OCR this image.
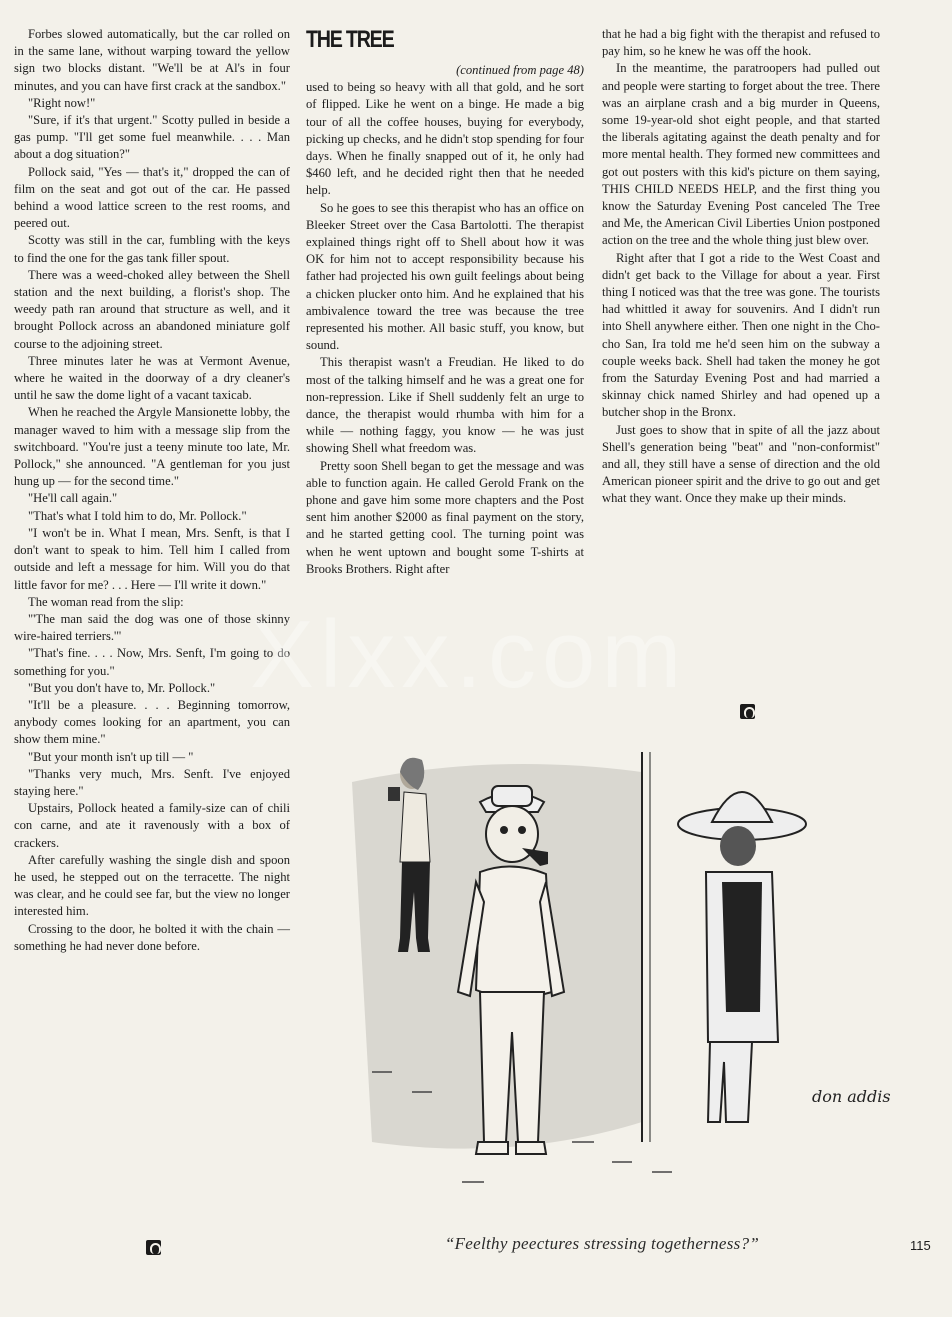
Forbes slowed automatically, but the car rolled on in the same lane, without warping toward the yellow sign two blocks distant. "We'll be at Al's in four minutes, and you can have first crack at the sandbox."

"Right now!"

"Sure, if it's that urgent." Scotty pulled in beside a gas pump. "I'll get some fuel meanwhile. . . . Man about a dog situation?"

Pollock said, "Yes — that's it," dropped the can of film on the seat and got out of the car. He passed behind a wood lattice screen to the rest rooms, and peered out.

Scotty was still in the car, fumbling with the keys to find the one for the gas tank filler spout.

There was a weed-choked alley between the Shell station and the next building, a florist's shop. The weedy path ran around that structure as well, and it brought Pollock across an abandoned miniature golf course to the adjoining street.

Three minutes later he was at Vermont Avenue, where he waited in the doorway of a dry cleaner's until he saw the dome light of a vacant taxicab.

When he reached the Argyle Mansionette lobby, the manager waved to him with a message slip from the switchboard. "You're just a teeny minute too late, Mr. Pollock," she announced. "A gentleman for you just hung up — for the second time."

"He'll call again."

"That's what I told him to do, Mr. Pollock."

"I won't be in. What I mean, Mrs. Senft, is that I don't want to speak to him. Tell him I called from outside and left a message for him. Will you do that little favor for me? . . . Here — I'll write it down."

The woman read from the slip:

"'The man said the dog was one of those skinny wire-haired terriers.'"

"That's fine. . . . Now, Mrs. Senft, I'm going to do something for you."

"But you don't have to, Mr. Pollock."

"It'll be a pleasure. . . . Beginning tomorrow, anybody comes looking for an apartment, you can show them mine."

"But your month isn't up till — "

"Thanks very much, Mrs. Senft. I've enjoyed staying here."

Upstairs, Pollock heated a family-size can of chili con carne, and ate it ravenously with a box of crackers.

After carefully washing the single dish and spoon he used, he stepped out on the terracette. The night was clear, and he could see far, but the view no longer interested him.

Crossing to the door, he bolted it with the chain — something he had never done before.

THE TREE

(continued from page 48)

used to being so heavy with all that gold, and he sort of flipped. Like he went on a binge. He made a big tour of all the coffee houses, buying for everybody, picking up checks, and he didn't stop spending for four days. When he finally snapped out of it, he only had $460 left, and he decided right then that he needed help.

So he goes to see this therapist who has an office on Bleeker Street over the Casa Bartolotti. The therapist explained things right off to Shell about how it was OK for him not to accept responsibility because his father had projected his own guilt feelings about being a chicken plucker onto him. And he explained that his ambivalence toward the tree was because the tree represented his mother. All basic stuff, you know, but sound.

This therapist wasn't a Freudian. He liked to do most of the talking himself and he was a great one for non-repression. Like if Shell suddenly felt an urge to dance, the therapist would rhumba with him for a while — nothing faggy, you know — he was just showing Shell what freedom was.

Pretty soon Shell began to get the message and was able to function again. He called Gerold Frank on the phone and gave him some more chapters and the Post sent him another $2000 as final payment on the story, and he started getting cool. The turning point was when he went uptown and bought some T-shirts at Brooks Brothers. Right after

that he had a big fight with the therapist and refused to pay him, so he knew he was off the hook.

In the meantime, the paratroopers had pulled out and people were starting to forget about the tree. There was an airplane crash and a big murder in Queens, some 19-year-old shot eight people, and that started the liberals agitating against the death penalty and for more mental health. They formed new committees and got out posters with this kid's picture on them saying, THIS CHILD NEEDS HELP, and the first thing you know the Saturday Evening Post canceled The Tree and Me, the American Civil Liberties Union postponed action on the tree and the whole thing just blew over.

Right after that I got a ride to the West Coast and didn't get back to the Village for about a year. First thing I noticed was that the tree was gone. The tourists had whittled it away for souvenirs. And I didn't run into Shell anywhere either. Then one night in the Cho-cho San, Ira told me he'd seen him on the subway a couple weeks back. Shell had taken the money he got from the Saturday Evening Post and had married a skinnay chick named Shirley and had opened up a butcher shop in the Bronx.

Just goes to show that in spite of all the jazz about Shell's generation being "beat" and "non-conformist" and all, they still have a sense of direction and the old American pioneer spirit and the drive to go out and get what they want. Once they make up their minds.

don addis
“Feelthy peectures stressing togetherness?”	115
Xlxx.com
